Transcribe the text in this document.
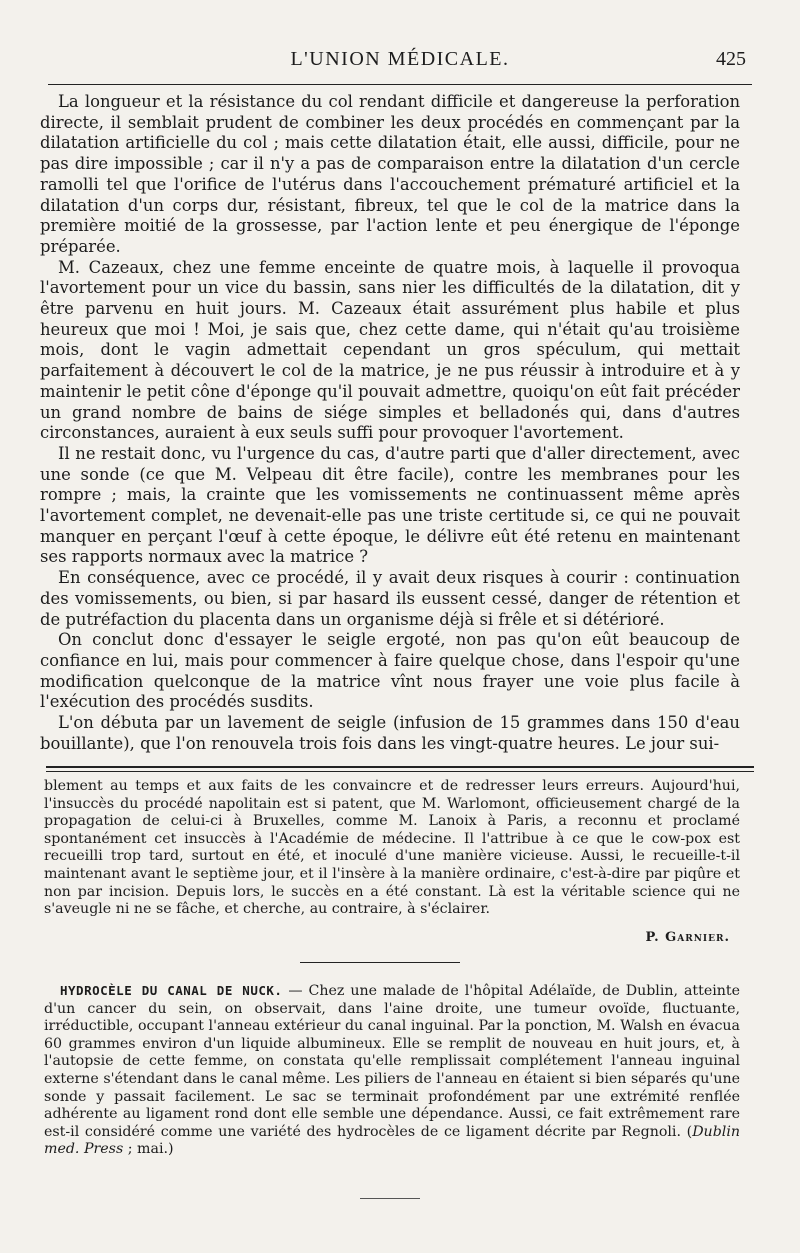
L'UNION MÉDICALE.	425

La longueur et la résistance du col rendant difficile et dangereuse la perforation directe, il semblait prudent de combiner les deux procédés en commençant par la dilatation artificielle du col ; mais cette dilatation était, elle aussi, difficile, pour ne pas dire impossible ; car il n'y a pas de comparaison entre la dilatation d'un cercle ramolli tel que l'orifice de l'utérus dans l'accouchement prématuré artificiel et la dilatation d'un corps dur, résistant, fibreux, tel que le col de la matrice dans la première moitié de la grossesse, par l'action lente et peu énergique de l'éponge préparée.

M. Cazeaux, chez une femme enceinte de quatre mois, à laquelle il provoqua l'avortement pour un vice du bassin, sans nier les difficultés de la dilatation, dit y être parvenu en huit jours. M. Cazeaux était assurément plus habile et plus heureux que moi ! Moi, je sais que, chez cette dame, qui n'était qu'au troisième mois, dont le vagin admettait cependant un gros spéculum, qui mettait parfaitement à découvert le col de la matrice, je ne pus réussir à introduire et à y maintenir le petit cône d'éponge qu'il pouvait admettre, quoiqu'on eût fait précéder un grand nombre de bains de siége simples et belladonés qui, dans d'autres circonstances, auraient à eux seuls suffi pour provoquer l'avortement.

Il ne restait donc, vu l'urgence du cas, d'autre parti que d'aller directement, avec une sonde (ce que M. Velpeau dit être facile), contre les membranes pour les rompre ; mais, la crainte que les vomissements ne continuassent même après l'avortement complet, ne devenait-elle pas une triste certitude si, ce qui ne pouvait manquer en perçant l'œuf à cette époque, le délivre eût été retenu en maintenant ses rapports normaux avec la matrice ?

En conséquence, avec ce procédé, il y avait deux risques à courir : continuation des vomissements, ou bien, si par hasard ils eussent cessé, danger de rétention et de putréfaction du placenta dans un organisme déjà si frêle et si détérioré.

On conclut donc d'essayer le seigle ergoté, non pas qu'on eût beaucoup de confiance en lui, mais pour commencer à faire quelque chose, dans l'espoir qu'une modification quelconque de la matrice vînt nous frayer une voie plus facile à l'exécution des procédés susdits.

L'on débuta par un lavement de seigle (infusion de 15 grammes dans 150 d'eau bouillante), que l'on renouvela trois fois dans les vingt-quatre heures. Le jour sui-

blement au temps et aux faits de les convaincre et de redresser leurs erreurs. Aujourd'hui, l'insuccès du procédé napolitain est si patent, que M. Warlomont, officieusement chargé de la propagation de celui-ci à Bruxelles, comme M. Lanoix à Paris, a reconnu et proclamé spontanément cet insuccès à l'Académie de médecine. Il l'attribue à ce que le cow-pox est recueilli trop tard, surtout en été, et inoculé d'une manière vicieuse. Aussi, le recueille-t-il maintenant avant le septième jour, et il l'insère à la manière ordinaire, c'est-à-dire par piqûre et non par incision. Depuis lors, le succès en a été constant. Là est la véritable science qui ne s'aveugle ni ne se fâche, et cherche, au contraire, à s'éclairer.

P. Garnier.

HYDROCÈLE DU CANAL DE NUCK. — Chez une malade de l'hôpital Adélaïde, de Dublin, atteinte d'un cancer du sein, on observait, dans l'aine droite, une tumeur ovoïde, fluctuante, irréductible, occupant l'anneau extérieur du canal inguinal. Par la ponction, M. Walsh en évacua 60 grammes environ d'un liquide albumineux. Elle se remplit de nouveau en huit jours, et, à l'autopsie de cette femme, on constata qu'elle remplissait complétement l'anneau inguinal externe s'étendant dans le canal même. Les piliers de l'anneau en étaient si bien séparés qu'une sonde y passait facilement. Le sac se terminait profondément par une extrémité renflée adhérente au ligament rond dont elle semble une dépendance. Aussi, ce fait extrêmement rare est-il considéré comme une variété des hydrocèles de ce ligament décrite par Regnoli. (Dublin med. Press ; mai.)
